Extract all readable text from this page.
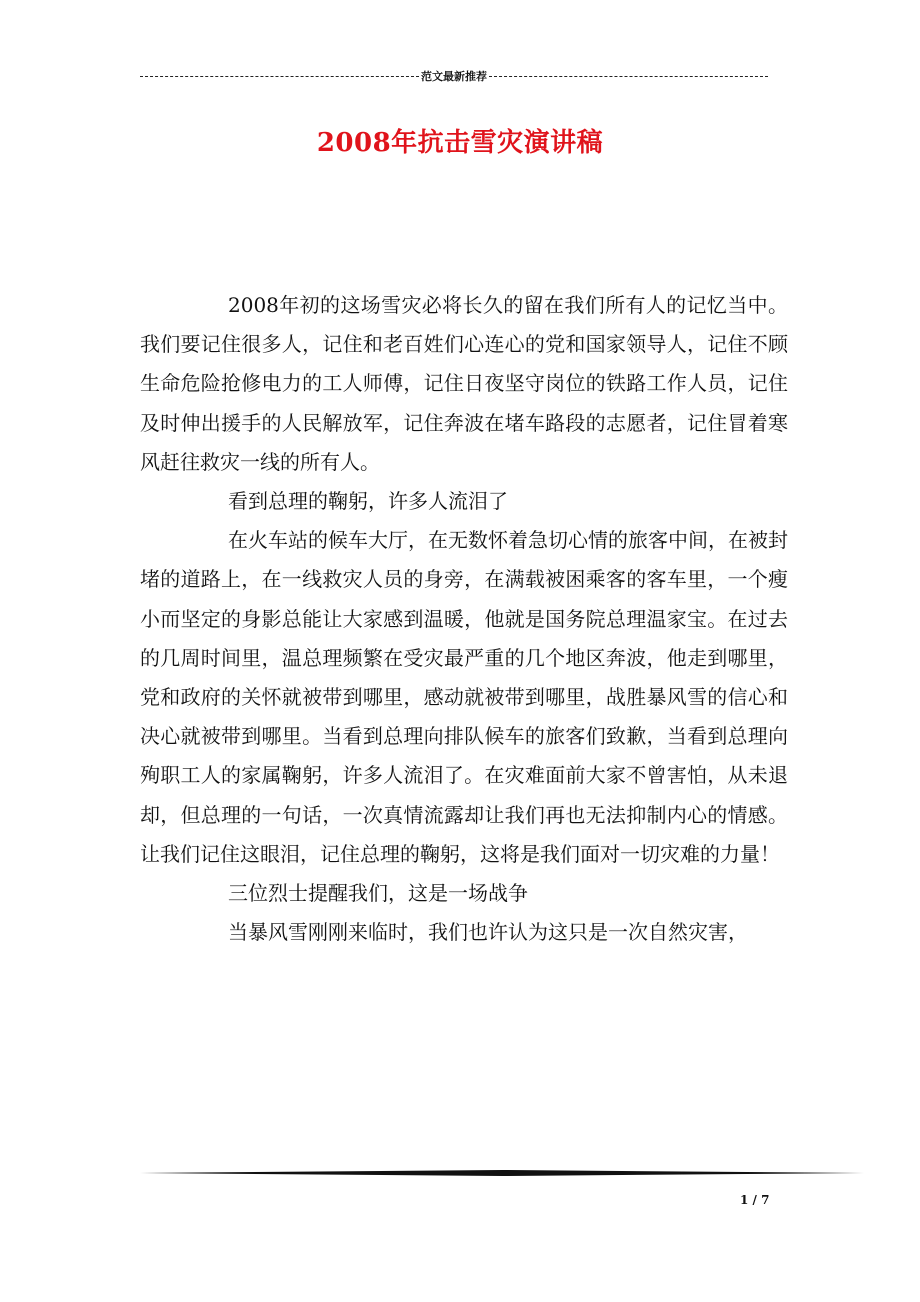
范文最新推荐
2008年抗击雪灾演讲稿

2008年初的这场雪灾必将长久的留在我们所有人的记忆当中。我们要记住很多人，记住和老百姓们心连心的党和国家领导人，记住不顾生命危险抢修电力的工人师傅，记住日夜坚守岗位的铁路工作人员，记住及时伸出援手的人民解放军，记住奔波在堵车路段的志愿者，记住冒着寒风赶往救灾一线的所有人。

看到总理的鞠躬，许多人流泪了

在火车站的候车大厅，在无数怀着急切心情的旅客中间，在被封堵的道路上，在一线救灾人员的身旁，在满载被困乘客的客车里，一个瘦小而坚定的身影总能让大家感到温暖，他就是国务院总理温家宝。在过去的几周时间里，温总理频繁在受灾最严重的几个地区奔波，他走到哪里，党和政府的关怀就被带到哪里，感动就被带到哪里，战胜暴风雪的信心和决心就被带到哪里。当看到总理向排队候车的旅客们致歉，当看到总理向殉职工人的家属鞠躬，许多人流泪了。在灾难面前大家不曾害怕，从未退却，但总理的一句话，一次真情流露却让我们再也无法抑制内心的情感。让我们记住这眼泪，记住总理的鞠躬，这将是我们面对一切灾难的力量！

三位烈士提醒我们，这是一场战争

当暴风雪刚刚来临时，我们也许认为这只是一次自然灾害，

1 / 7
